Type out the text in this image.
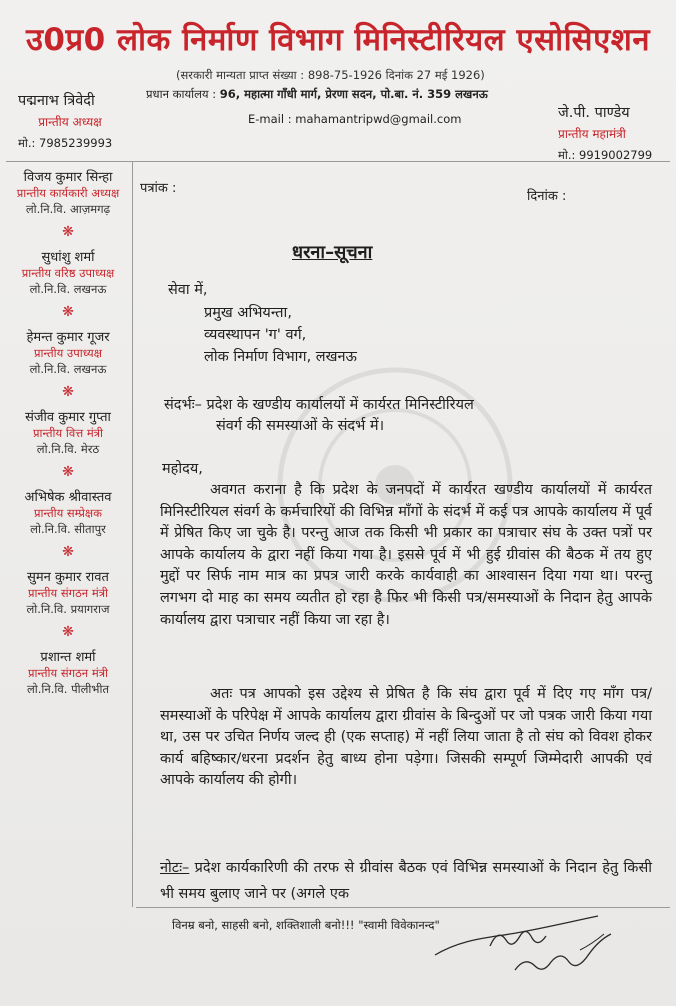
उ0प्र0 लोक निर्माण विभाग मिनिस्टीरियल एसोसिएशन
(सरकारी मान्यता प्राप्त संख्या : 898-75-1926 दिनांक 27 मई 1926)
प्रधान कार्यालय : 96, महात्मा गाँधी मार्ग, प्रेरणा सदन, पो.बा. नं. 359 लखनऊ
E-mail : mahamantripwd@gmail.com
पद्मनाभ त्रिवेदी
प्रान्तीय अध्यक्ष
मो.: 7985239993
जे.पी. पाण्डेय
प्रान्तीय महामंत्री
मो.: 9919002799
विजय कुमार सिन्हा
प्रान्तीय कार्यकारी अध्यक्ष
लो.नि.वि. आज़मगढ़
❋
सुधांशु शर्मा
प्रान्तीय वरिष्ठ उपाध्यक्ष
लो.नि.वि. लखनऊ
❋
हेमन्त कुमार गूजर
प्रान्तीय उपाध्यक्ष
लो.नि.वि. लखनऊ
❋
संजीव कुमार गुप्ता
प्रान्तीय वित्त मंत्री
लो.नि.वि. मेरठ
❋
अभिषेक श्रीवास्तव
प्रान्तीय सम्प्रेक्षक
लो.नि.वि. सीतापुर
❋
सुमन कुमार रावत
प्रान्तीय संगठन मंत्री
लो.नि.वि. प्रयागराज
❋
प्रशान्त शर्मा
प्रान्तीय संगठन मंत्री
लो.नि.वि. पीलीभीत
पत्रांक :
दिनांक :
धरना–सूचना
सेवा में,
प्रमुख अभियन्ता,
व्यवस्थापन 'ग' वर्ग,
लोक निर्माण विभाग, लखनऊ
संदर्भः– प्रदेश के खण्डीय कार्यालयों में कार्यरत मिनिस्टीरियल
संवर्ग की समस्याओं के संदर्भ में।
महोदय,
अवगत कराना है कि प्रदेश के जनपदों में कार्यरत खण्डीय कार्यालयों में कार्यरत मिनिस्टीरियल संवर्ग के कर्मचारियों की विभिन्न माँगों के संदर्भ में कई पत्र आपके कार्यालय में पूर्व में प्रेषित किए जा चुके है। परन्तु आज तक किसी भी प्रकार का पत्राचार संघ के उक्त पत्रों पर आपके कार्यालय के द्वारा नहीं किया गया है। इससे पूर्व में भी हुई ग्रीवांस की बैठक में तय हुए मुद्दों पर सिर्फ नाम मात्र का प्रपत्र जारी करके कार्यवाही का आश्वासन दिया गया था। परन्तु लगभग दो माह का समय व्यतीत हो रहा है फिर भी किसी पत्र/समस्याओं के निदान हेतु आपके कार्यालय द्वारा पत्राचार नहीं किया जा रहा है।
अतः पत्र आपको इस उद्देश्य से प्रेषित है कि संघ द्वारा पूर्व में दिए गए माँग पत्र/समस्याओं के परिपेक्ष में आपके कार्यालय द्वारा ग्रीवांस के बिन्दुओं पर जो पत्रक जारी किया गया था, उस पर उचित निर्णय जल्द ही (एक सप्ताह) में नहीं लिया जाता है तो संघ को विवश होकर कार्य बहिष्कार/धरना प्रदर्शन हेतु बाध्य होना पड़ेगा। जिसकी सम्पूर्ण जिम्मेदारी आपकी एवं आपके कार्यालय की होगी।
नोटः– प्रदेश कार्यकारिणी की तरफ से ग्रीवांस बैठक एवं विभिन्न समस्याओं के निदान हेतु किसी भी समय बुलाए जाने पर (अगले एक
विनम्र बनो, साहसी बनो, शक्तिशाली बनो!!! "स्वामी विवेकानन्द"
